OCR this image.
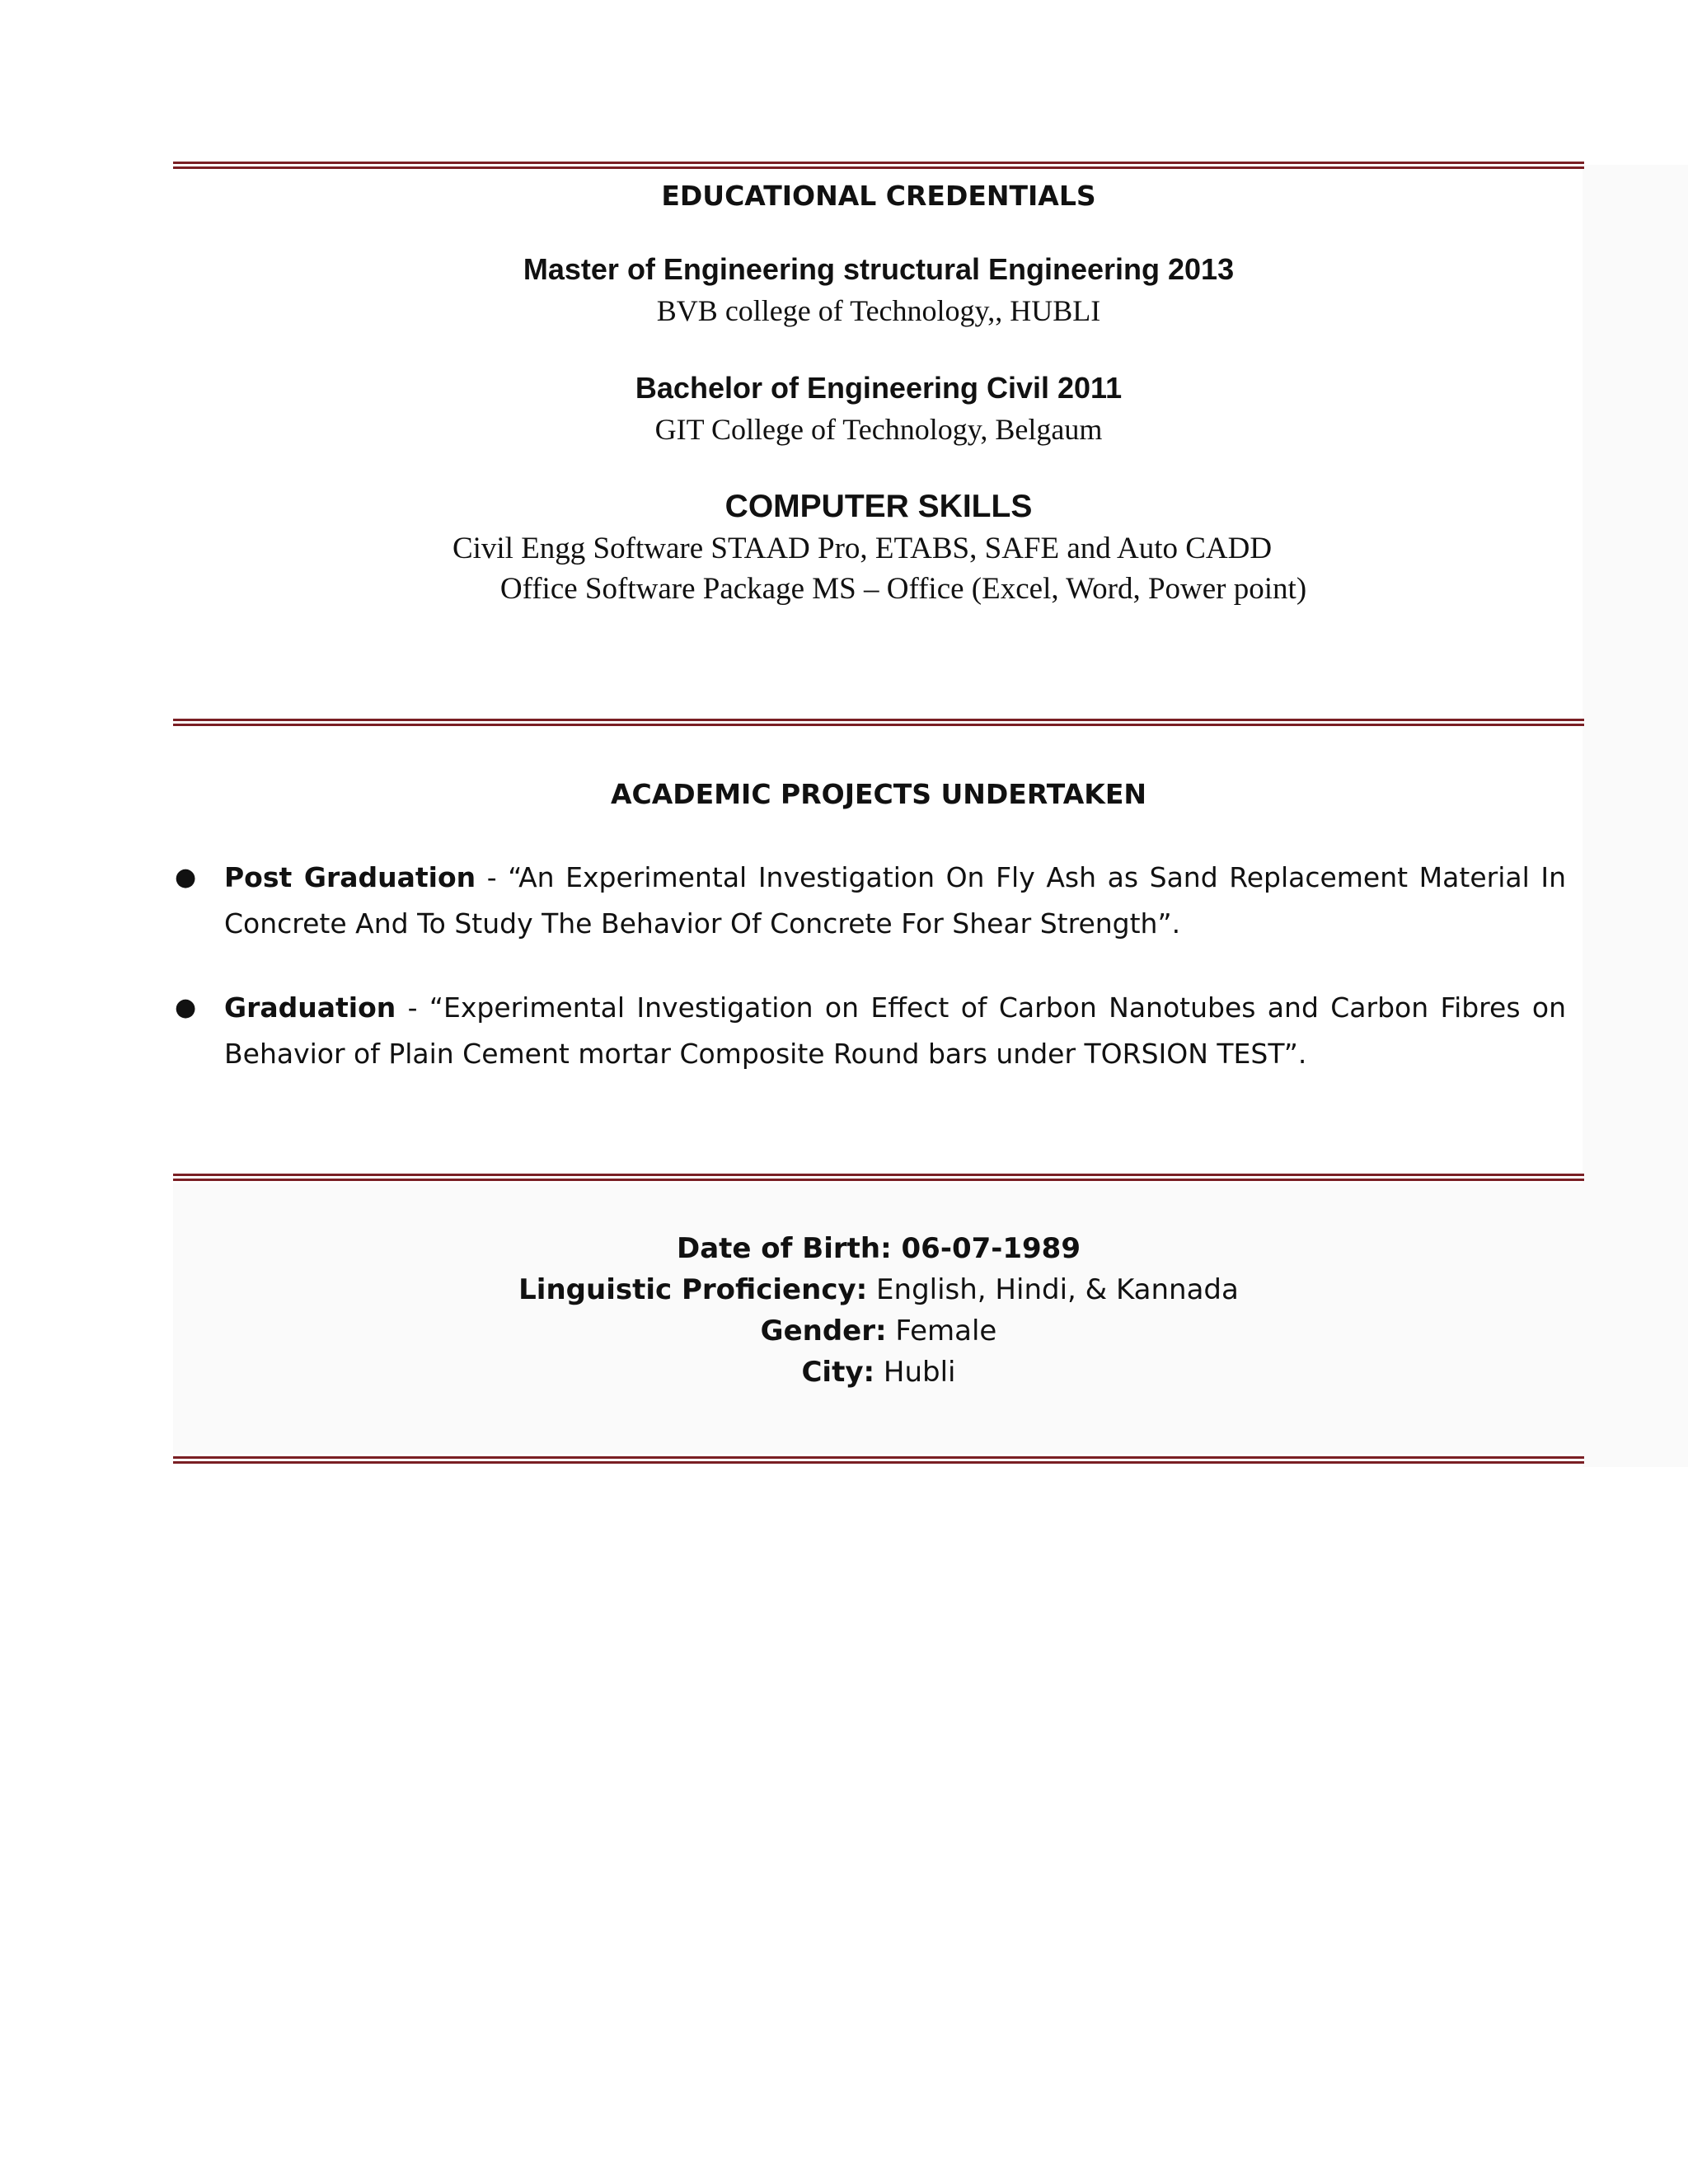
EDUCATIONAL CREDENTIALS
Master of Engineering structural Engineering 2013
BVB college of Technology,, HUBLI
Bachelor of Engineering Civil 2011
GIT College of Technology, Belgaum
COMPUTER SKILLS
Civil Engg Software STAAD Pro, ETABS, SAFE and Auto CADD
Office Software Package MS – Office (Excel, Word, Power point)
ACADEMIC PROJECTS UNDERTAKEN
● Post Graduation - “An Experimental Investigation On Fly Ash as Sand Replacement Material In Concrete And To Study The Behavior Of Concrete For Shear Strength”.
● Graduation - “Experimental Investigation on Effect of Carbon Nanotubes and Carbon Fibres on Behavior of Plain Cement mortar Composite Round bars under TORSION TEST”.
Date of Birth: 06-07-1989
Linguistic Proficiency: English, Hindi, & Kannada
Gender: Female
City: Hubli
